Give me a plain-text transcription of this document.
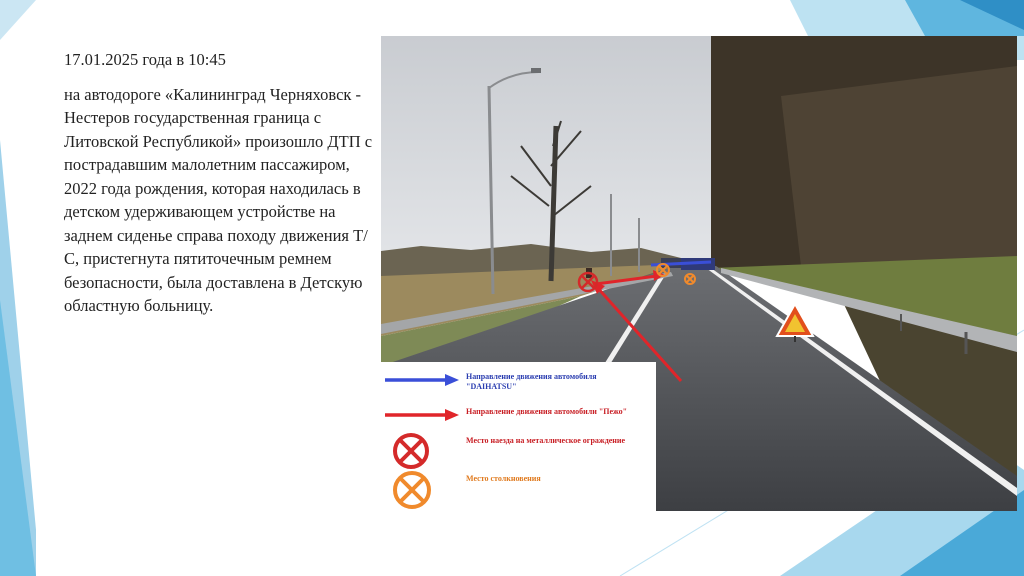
17.01.2025 года в 10:45

на автодороге «Калининград Черняховск - Нестеров государственная граница с Литовской Республикой» произошло ДТП с пострадавшим малолетним пассажиром, 2022 года рождения, которая находилась в детском удерживающем устройстве на заднем сиденье справа походу движения Т/С, пристегнута пятиточечным ремнем безопасности, была доставлена в Детскую областную больницу.

Направление движения автомобиля "DAIHATSU"
Направление движения автомобили "Пежо"
Место наезда на металлическое ограждение
Место столкновения
